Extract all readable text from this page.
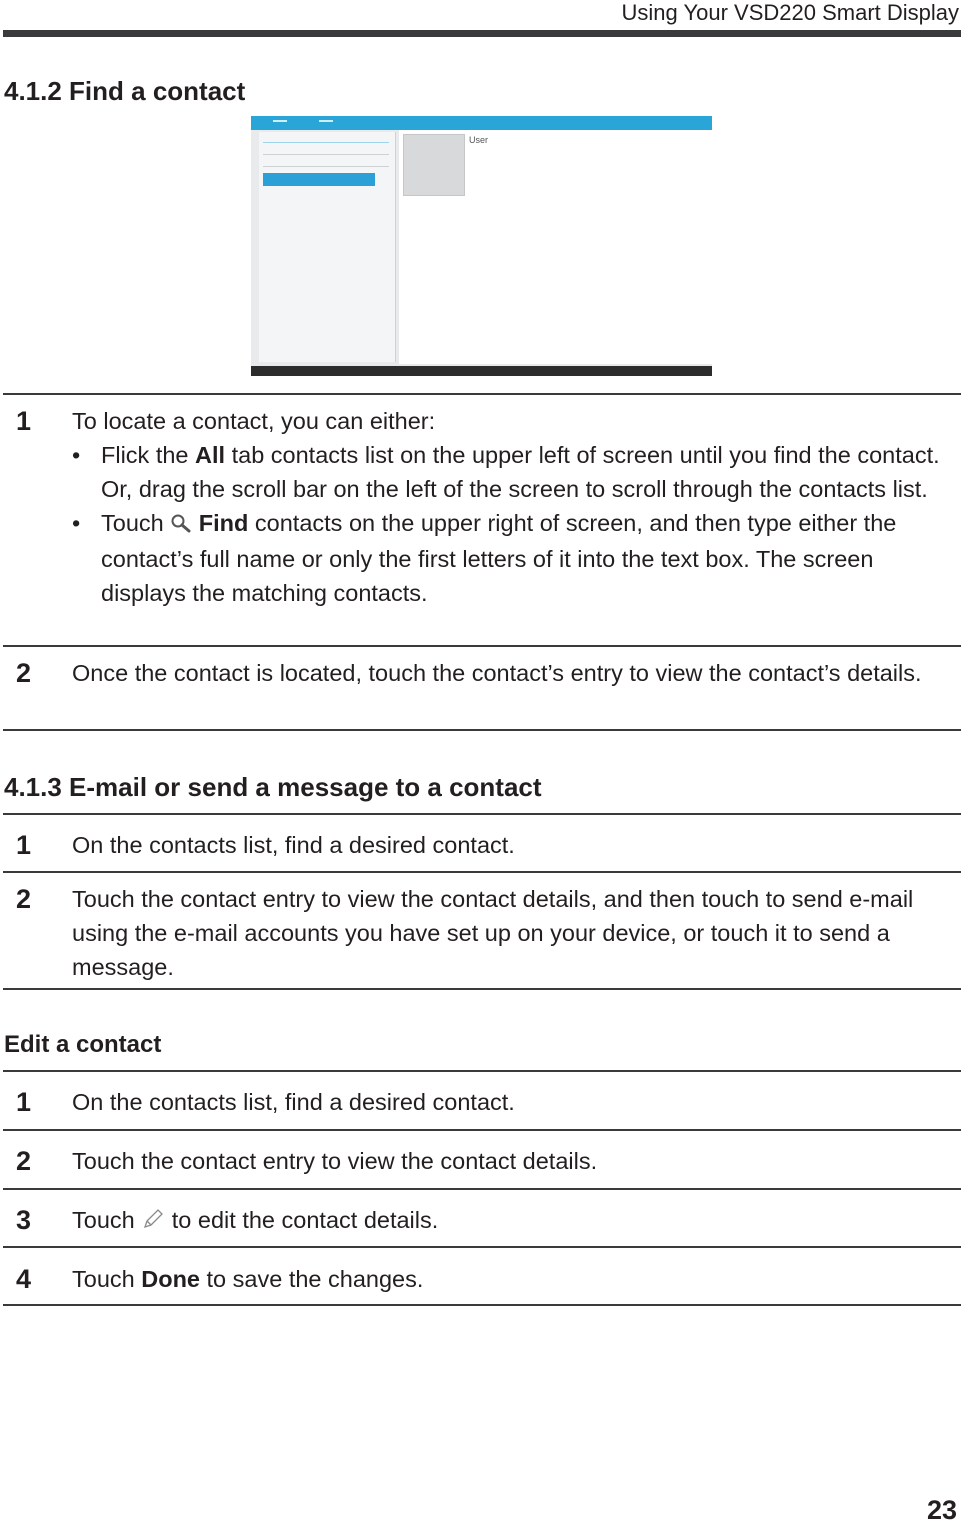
Using Your VSD220 Smart Display
4.1.2 Find a contact
User
1 To locate a contact, you can either:
• Flick the All tab contacts list on the upper left of screen until you find the contact. Or, drag the scroll bar on the left of the screen to scroll through the contacts list.
• Touch  Find contacts on the upper right of screen, and then type either the contact’s full name or only the first letters of it into the text box. The screen displays the matching contacts.
2 Once the contact is located, touch the contact’s entry to view the contact’s details.
4.1.3 E-mail or send a message to a contact
1 On the contacts list, find a desired contact.
2 Touch the contact entry to view the contact details, and then touch to send e-mail using the e-mail accounts you have set up on your device, or touch it to send a message.
Edit a contact
1 On the contacts list, find a desired contact.
2 Touch the contact entry to view the contact details.
3 Touch  to edit the contact details.
4 Touch Done to save the changes.
23
